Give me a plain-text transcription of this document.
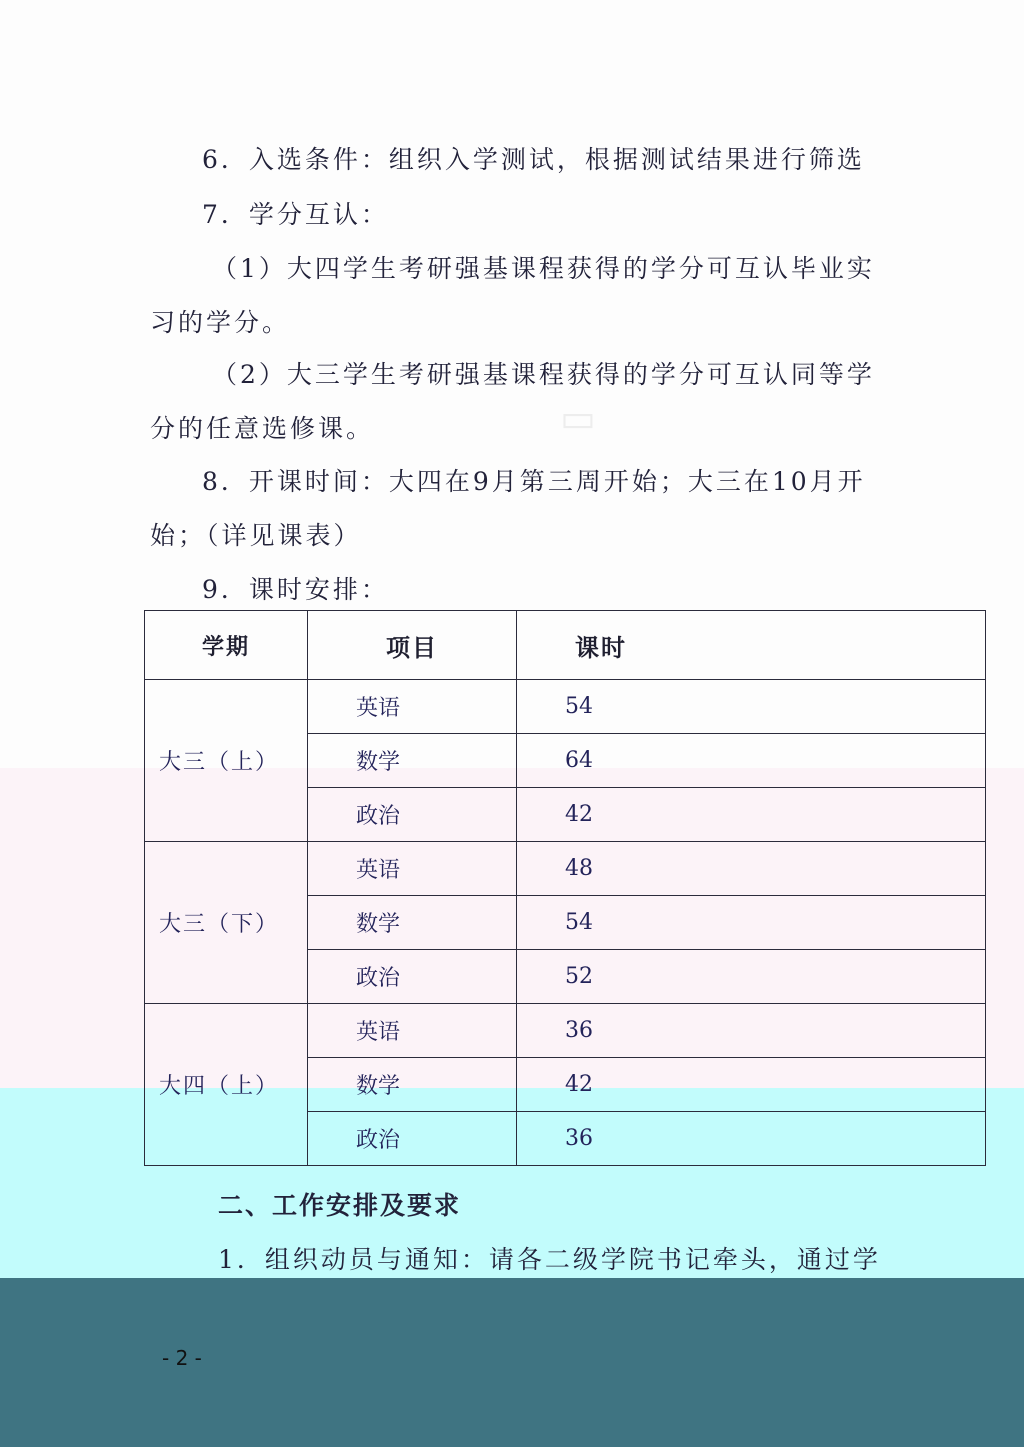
▭

6．入选条件：组织入学测试，根据测试结果进行筛选

7．学分互认：

（1）大四学生考研强基课程获得的学分可互认毕业实

习的学分。

（2）大三学生考研强基课程获得的学分可互认同等学

分的任意选修课。

8．开课时间：大四在9月第三周开始；大三在10月开

始；（详见课表）

9．课时安排：

学期	项目	课时
大三（上）	英语	54
	数学	64
	政治	42
大三（下）	英语	48
	数学	54
	政治	52
大四（上）	英语	36
	数学	42
	政治	36

二、工作安排及要求

1．组织动员与通知：请各二级学院书记牵头，通过学

- 2 -
